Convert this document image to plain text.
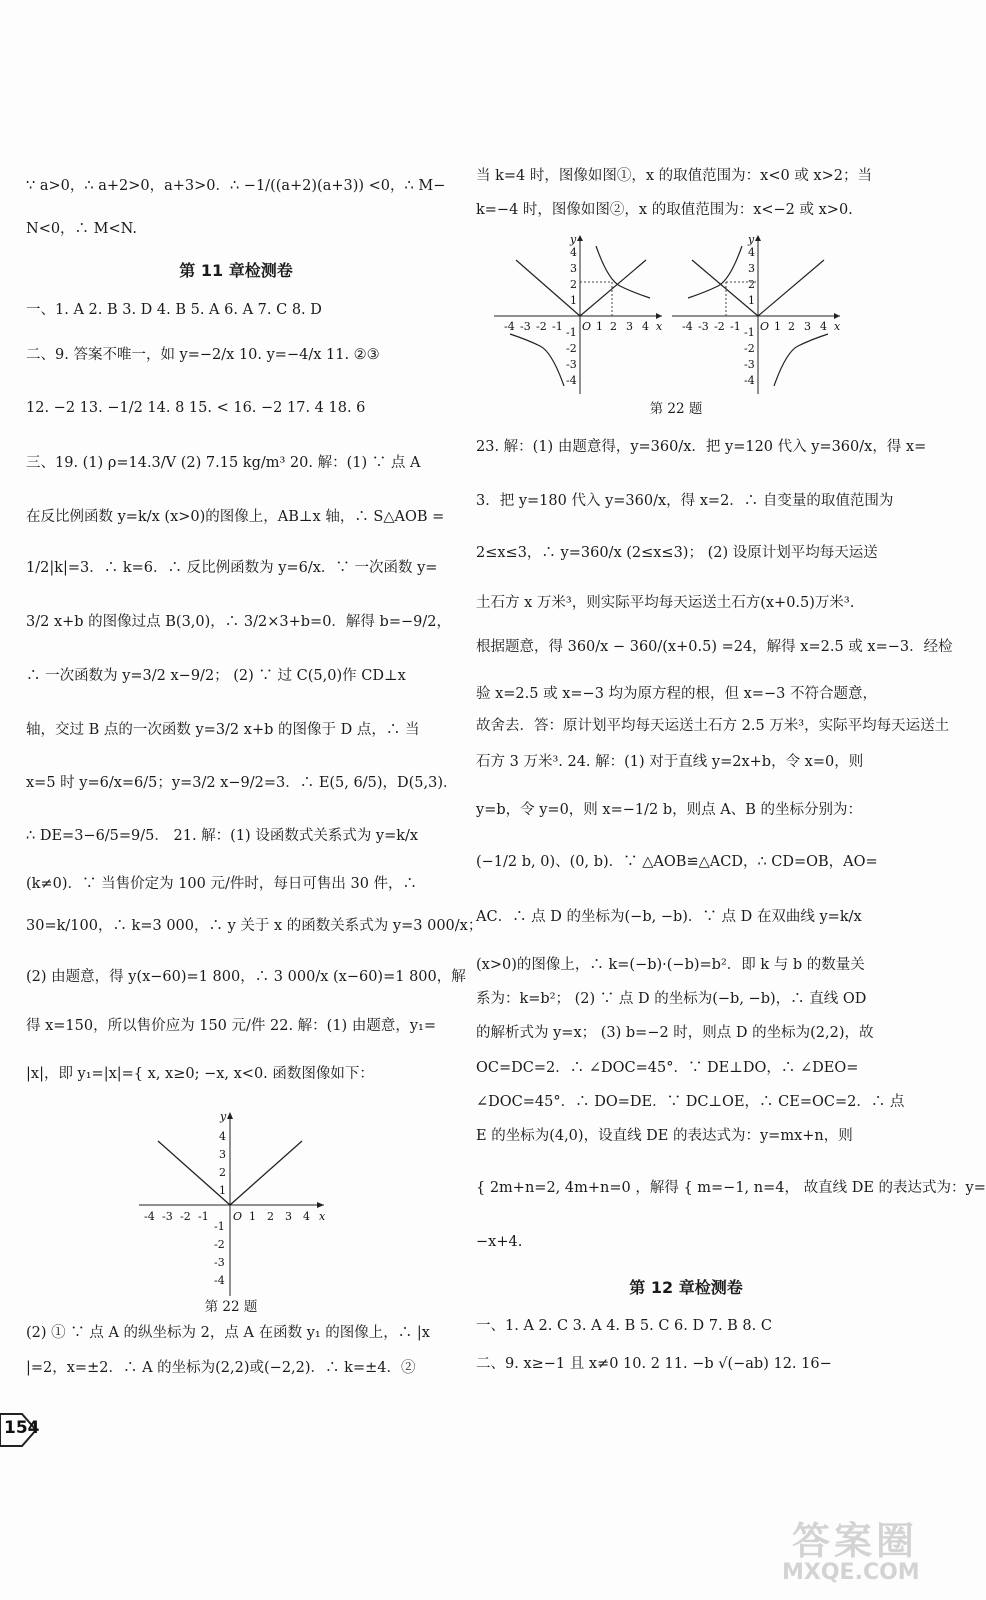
∵ a>0，∴ a+2>0，a+3>0．∴ −1/((a+2)(a+3)) <0，∴ M−
N<0，∴ M<N.
第 11 章检测卷
一、1. A 2. B 3. D 4. B 5. A 6. A 7. C 8. D
二、9. 答案不唯一，如 y=−2/x 10. y=−4/x 11. ②③
12. −2 13. −1/2 14. 8 15. < 16. −2 17. 4 18. 6
三、19. (1) ρ=14.3/V (2) 7.15 kg/m³ 20. 解：(1) ∵ 点 A
在反比例函数 y=k/x (x>0)的图像上，AB⊥x 轴，∴ S△AOB =
1/2|k|=3．∴ k=6．∴ 反比例函数为 y=6/x．∵ 一次函数 y=
3/2 x+b 的图像过点 B(3,0)，∴ 3/2×3+b=0．解得 b=−9/2，
∴ 一次函数为 y=3/2 x−9/2； (2) ∵ 过 C(5,0)作 CD⊥x
轴，交过 B 点的一次函数 y=3/2 x+b 的图像于 D 点，∴ 当
x=5 时 y=6/x=6/5；y=3/2 x−9/2=3．∴ E(5, 6/5)，D(5,3)．
∴ DE=3−6/5=9/5． 21. 解：(1) 设函数式关系式为 y=k/x
(k≠0)．∵ 当售价定为 100 元/件时，每日可售出 30 件，∴
30=k/100，∴ k=3 000，∴ y 关于 x 的函数关系式为 y=3 000/x；
(2) 由题意，得 y(x−60)=1 800，∴ 3 000/x (x−60)=1 800，解
得 x=150，所以售价应为 150 元/件 22. 解：(1) 由题意，y₁=
|x|，即 y₁=|x|={ x, x≥0; −x, x<0. 函数图像如下：
x
y
O
-4 -3 -2 -1	1 2 3 4
4
3
2
1
-1
-2
-3
-4
第 22 题
(2) ① ∵ 点 A 的纵坐标为 2，点 A 在函数 y₁ 的图像上，∴ |x
|=2，x=±2．∴ A 的坐标为(2,2)或(−2,2)．∴ k=±4．②
当 k=4 时，图像如图①，x 的取值范围为：x<0 或 x>2；当
k=−4 时，图像如图②，x 的取值范围为：x<−2 或 x>0.
x
y
O
-4 -3 -2 -1	1 2 3 4
4
3
2
1
-1
-2
-3
-4
x
y
O
-4 -3 -2 -1	1 2 3 4
4
3
2
1
-1
-2
-3
-4
第 22 题
23. 解：(1) 由题意得，y=360/x．把 y=120 代入 y=360/x，得 x=
3．把 y=180 代入 y=360/x，得 x=2．∴ 自变量的取值范围为
2≤x≤3，∴ y=360/x (2≤x≤3)； (2) 设原计划平均每天运送
土石方 x 万米³，则实际平均每天运送土石方(x+0.5)万米³.
根据题意，得 360/x − 360/(x+0.5) =24，解得 x=2.5 或 x=−3．经检
验 x=2.5 或 x=−3 均为原方程的根，但 x=−3 不符合题意，
故舍去．答：原计划平均每天运送土石方 2.5 万米³，实际平均每天运送土
石方 3 万米³. 24. 解：(1) 对于直线 y=2x+b，令 x=0，则
y=b，令 y=0，则 x=−1/2 b，则点 A、B 的坐标分别为：
(−1/2 b, 0)、(0, b)．∵ △AOB≌△ACD，∴ CD=OB，AO=
AC．∴ 点 D 的坐标为(−b, −b)．∵ 点 D 在双曲线 y=k/x
(x>0)的图像上，∴ k=(−b)·(−b)=b²．即 k 与 b 的数量关
系为：k=b²； (2) ∵ 点 D 的坐标为(−b, −b)，∴ 直线 OD
的解析式为 y=x； (3) b=−2 时，则点 D 的坐标为(2,2)，故
OC=DC=2．∴ ∠DOC=45°．∵ DE⊥DO，∴ ∠DEO=
∠DOC=45°．∴ DO=DE．∵ DC⊥OE，∴ CE=OC=2．∴ 点
E 的坐标为(4,0)，设直线 DE 的表达式为：y=mx+n，则
{ 2m+n=2, 4m+n=0 ，解得 { m=−1, n=4， 故直线 DE 的表达式为：y=
−x+4.
第 12 章检测卷
一、1. A 2. C 3. A 4. B 5. C 6. D 7. B 8. C
二、9. x≥−1 且 x≠0 10. 2 11. −b √(−ab) 12. 16−
154
答案圈
MXQE.COM
